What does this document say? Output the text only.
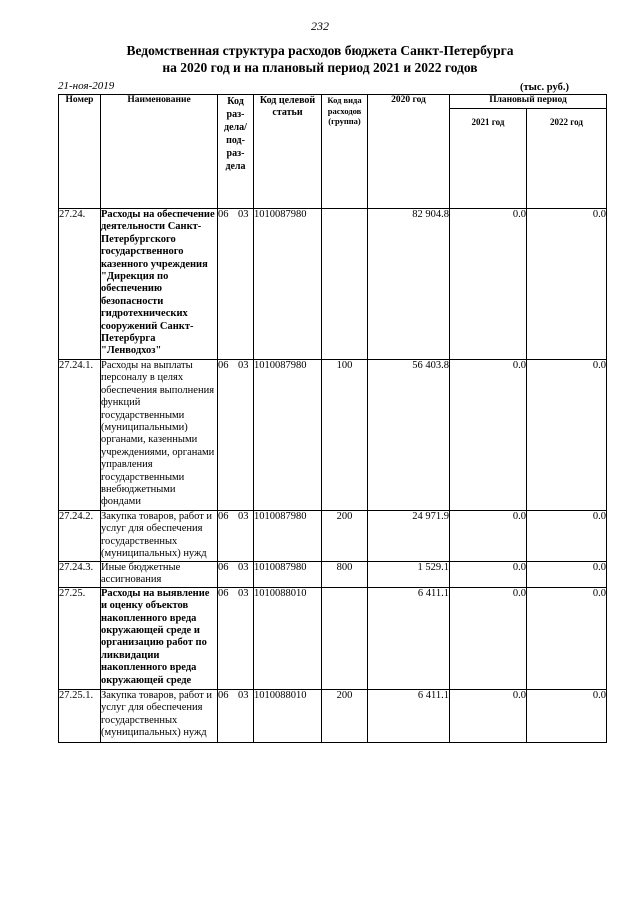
232
Ведомственная структура расходов бюджета Санкт-Петербурга
на 2020 год и на плановый период 2021 и 2022 годов
21-ноя-2019	(тыс. руб.)
Номер	Наименование	Код раз-дела/ под-раз-дела	Код целевой статьи	Код вида расходов (группа)	2020 год	Плановый период	
						2021 год	2022 год
27.24.	Расходы на обеспечение деятельности Санкт-Петербургского государственного казенного учреждения "Дирекция по обеспечению безопасности гидротехнических сооружений Санкт-Петербурга "Ленводхоз"	06 03	1010087980		82 904.8	0.0	0.0
27.24.1.	Расходы на выплаты персоналу в целях обеспечения выполнения функций государственными (муниципальными) органами, казенными учреждениями, органами управления государственными внебюджетными фондами	06 03	1010087980	100	56 403.8	0.0	0.0
27.24.2.	Закупка товаров, работ и услуг для обеспечения государственных (муниципальных) нужд	06 03	1010087980	200	24 971.9	0.0	0.0
27.24.3.	Иные бюджетные ассигнования	06 03	1010087980	800	1 529.1	0.0	0.0
27.25.	Расходы на выявление и оценку объектов накопленного вреда окружающей среде и организацию работ по ликвидации накопленного вреда окружающей среде	06 03	1010088010		6 411.1	0.0	0.0
27.25.1.	Закупка товаров, работ и услуг для обеспечения государственных (муниципальных) нужд	06 03	1010088010	200	6 411.1	0.0	0.0
